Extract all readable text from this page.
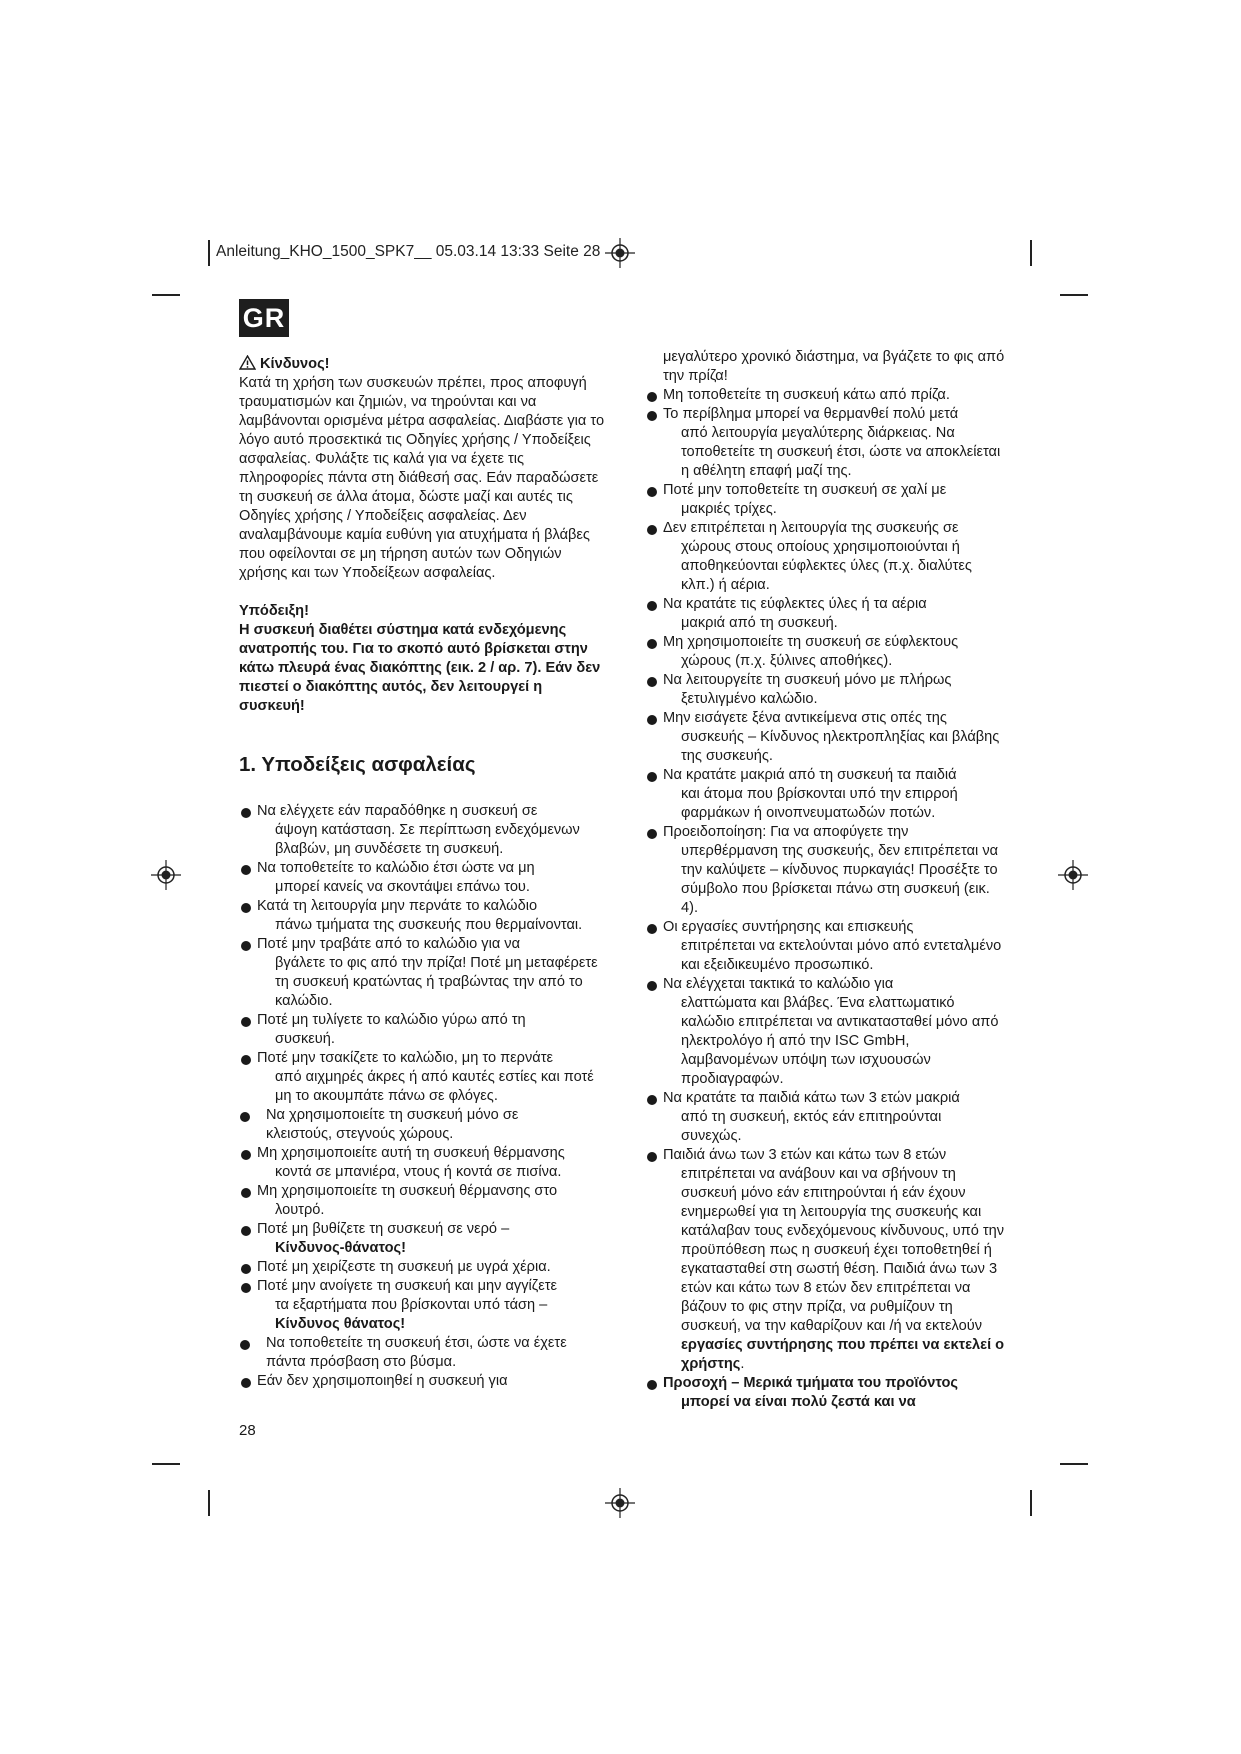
Anleitung_KHO_1500_SPK7__ 05.03.14 13:33 Seite 28
GR

Κίνδυνος!

Κατά τη χρήση των συσκευών πρέπει, προς αποφυγή τραυματισμών και ζημιών, να τηρούνται και να λαμβάνονται ορισμένα μέτρα ασφαλείας. Διαβάστε για το λόγο αυτό προσεκτικά τις Οδηγίες χρήσης / Υποδείξεις ασφαλείας. Φυλάξτε τις καλά για να έχετε τις πληροφορίες πάντα στη διάθεσή σας. Εάν παραδώσετε τη συσκευή σε άλλα άτομα, δώστε μαζί και αυτές τις Οδηγίες χρήσης / Υποδείξεις ασφαλείας. Δεν αναλαμβάνουμε καμία ευθύνη για ατυχήματα ή βλάβες που οφείλονται σε μη τήρηση αυτών των Οδηγιών χρήσης και των Υποδείξεων ασφαλείας.

Υπόδειξη!

Η συσκευή διαθέτει σύστημα κατά ενδεχόμενης ανατροπής του. Για το σκοπό αυτό βρίσκεται στην κάτω πλευρά ένας διακόπτης (εικ. 2 / αρ. 7). Εάν δεν πιεστεί ο διακόπτης αυτός, δεν λειτουργεί η συσκευή!

1. Υποδείξεις ασφαλείας

Να ελέγχετε εάν παραδόθηκε η συσκευή σε
άψογη κατάσταση. Σε περίπτωση ενδεχόμενων βλαβών, μη συνδέσετε τη συσκευή.

Να τοποθετείτε το καλώδιο έτσι ώστε να μη
μπορεί κανείς να σκοντάψει επάνω του.

Κατά τη λειτουργία μην περνάτε το καλώδιο
πάνω τμήματα της συσκευής που θερμαίνονται.

Ποτέ μην τραβάτε από το καλώδιο για να
βγάλετε το φις από την πρίζα! Ποτέ μη μεταφέρετε τη συσκευή κρατώντας ή τραβώντας την από το καλώδιο.

Ποτέ μη τυλίγετε το καλώδιο γύρω από τη
συσκευή.

Ποτέ μην τσακίζετε το καλώδιο, μη το περνάτε
από αιχμηρές άκρες ή από καυτές εστίες και ποτέ μη το ακουμπάτε πάνω σε φλόγες.

Να χρησιμοποιείτε τη συσκευή μόνο σε
κλειστούς, στεγνούς χώρους.

Μη χρησιμοποιείτε αυτή τη συσκευή θέρμανσης
κοντά σε μπανιέρα, ντους ή κοντά σε πισίνα.

Μη χρησιμοποιείτε τη συσκευή θέρμανσης στο
λουτρό.

Ποτέ μη βυθίζετε τη συσκευή σε νερό –
Κίνδυνος-θάνατος!

Ποτέ μη χειρίζεστε τη συσκευή με υγρά χέρια.

Ποτέ μην ανοίγετε τη συσκευή και μην αγγίζετε
τα εξαρτήματα που βρίσκονται υπό τάση –
Κίνδυνος θάνατος!

Να τοποθετείτε τη συσκευή έτσι, ώστε να έχετε
πάντα πρόσβαση στο βύσμα.

Εάν δεν χρησιμοποιηθεί η συσκευή για

μεγαλύτερο χρονικό διάστημα, να βγάζετε το φις από την πρίζα!

Μη τοποθετείτε τη συσκευή κάτω από πρίζα.

Το περίβλημα μπορεί να θερμανθεί πολύ μετά
από λειτουργία μεγαλύτερης διάρκειας. Να τοποθετείτε τη συσκευή έτσι, ώστε να αποκλείεται η αθέλητη επαφή μαζί της.

Ποτέ μην τοποθετείτε τη συσκευή σε χαλί με
μακριές τρίχες.

Δεν επιτρέπεται η λειτουργία της συσκευής σε
χώρους στους οποίους χρησιμοποιούνται ή αποθηκεύονται εύφλεκτες ύλες (π.χ. διαλύτες κλπ.) ή αέρια.

Να κρατάτε τις εύφλεκτες ύλες ή τα αέρια
μακριά από τη συσκευή.

Μη χρησιμοποιείτε τη συσκευή σε εύφλεκτους
χώρους (π.χ. ξύλινες αποθήκες).

Να λειτουργείτε τη συσκευή μόνο με πλήρως
ξετυλιγμένο καλώδιο.

Μην εισάγετε ξένα αντικείμενα στις οπές της
συσκευής – Κίνδυνος ηλεκτροπληξίας και βλάβης της συσκευής.

Να κρατάτε μακριά από τη συσκευή τα παιδιά
και άτομα που βρίσκονται υπό την επιρροή φαρμάκων ή οινοπνευματωδών ποτών.

Προειδοποίηση: Για να αποφύγετε την
υπερθέρμανση της συσκευής, δεν επιτρέπεται να την καλύψετε – κίνδυνος πυρκαγιάς! Προσέξτε το σύμβολο που βρίσκεται πάνω στη συσκευή (εικ. 4).

Οι εργασίες συντήρησης και επισκευής
επιτρέπεται να εκτελούνται μόνο από εντεταλμένο και εξειδικευμένο προσωπικό.

Να ελέγχεται τακτικά το καλώδιο για
ελαττώματα και βλάβες. Ένα ελαττωματικό καλώδιο επιτρέπεται να αντικατασταθεί μόνο από ηλεκτρολόγο ή από την ISC GmbH, λαμβανομένων υπόψη των ισχυουσών προδιαγραφών.

Να κρατάτε τα παιδιά κάτω των 3 ετών μακριά
από τη συσκευή, εκτός εάν επιτηρούνται συνεχώς.

Παιδιά άνω των 3 ετών και κάτω των 8 ετών
επιτρέπεται να ανάβουν και να σβήνουν τη συσκευή μόνο εάν επιτηρούνται ή εάν έχουν ενημερωθεί για τη λειτουργία της συσκευής και κατάλαβαν τους ενδεχόμενους κίνδυνους, υπό την προϋπόθεση πως η συσκευή έχει τοποθετηθεί ή εγκατασταθεί στη σωστή θέση. Παιδιά άνω των 3 ετών και κάτω των 8 ετών δεν επιτρέπεται να βάζουν το φις στην πρίζα, να ρυθμίζουν τη συσκευή, να την καθαρίζουν και /ή να εκτελούν εργασίες συντήρησης που πρέπει να εκτελεί ο χρήστης.

Προσοχή – Μερικά τμήματα του προϊόντος
μπορεί να είναι πολύ ζεστά και να

28
